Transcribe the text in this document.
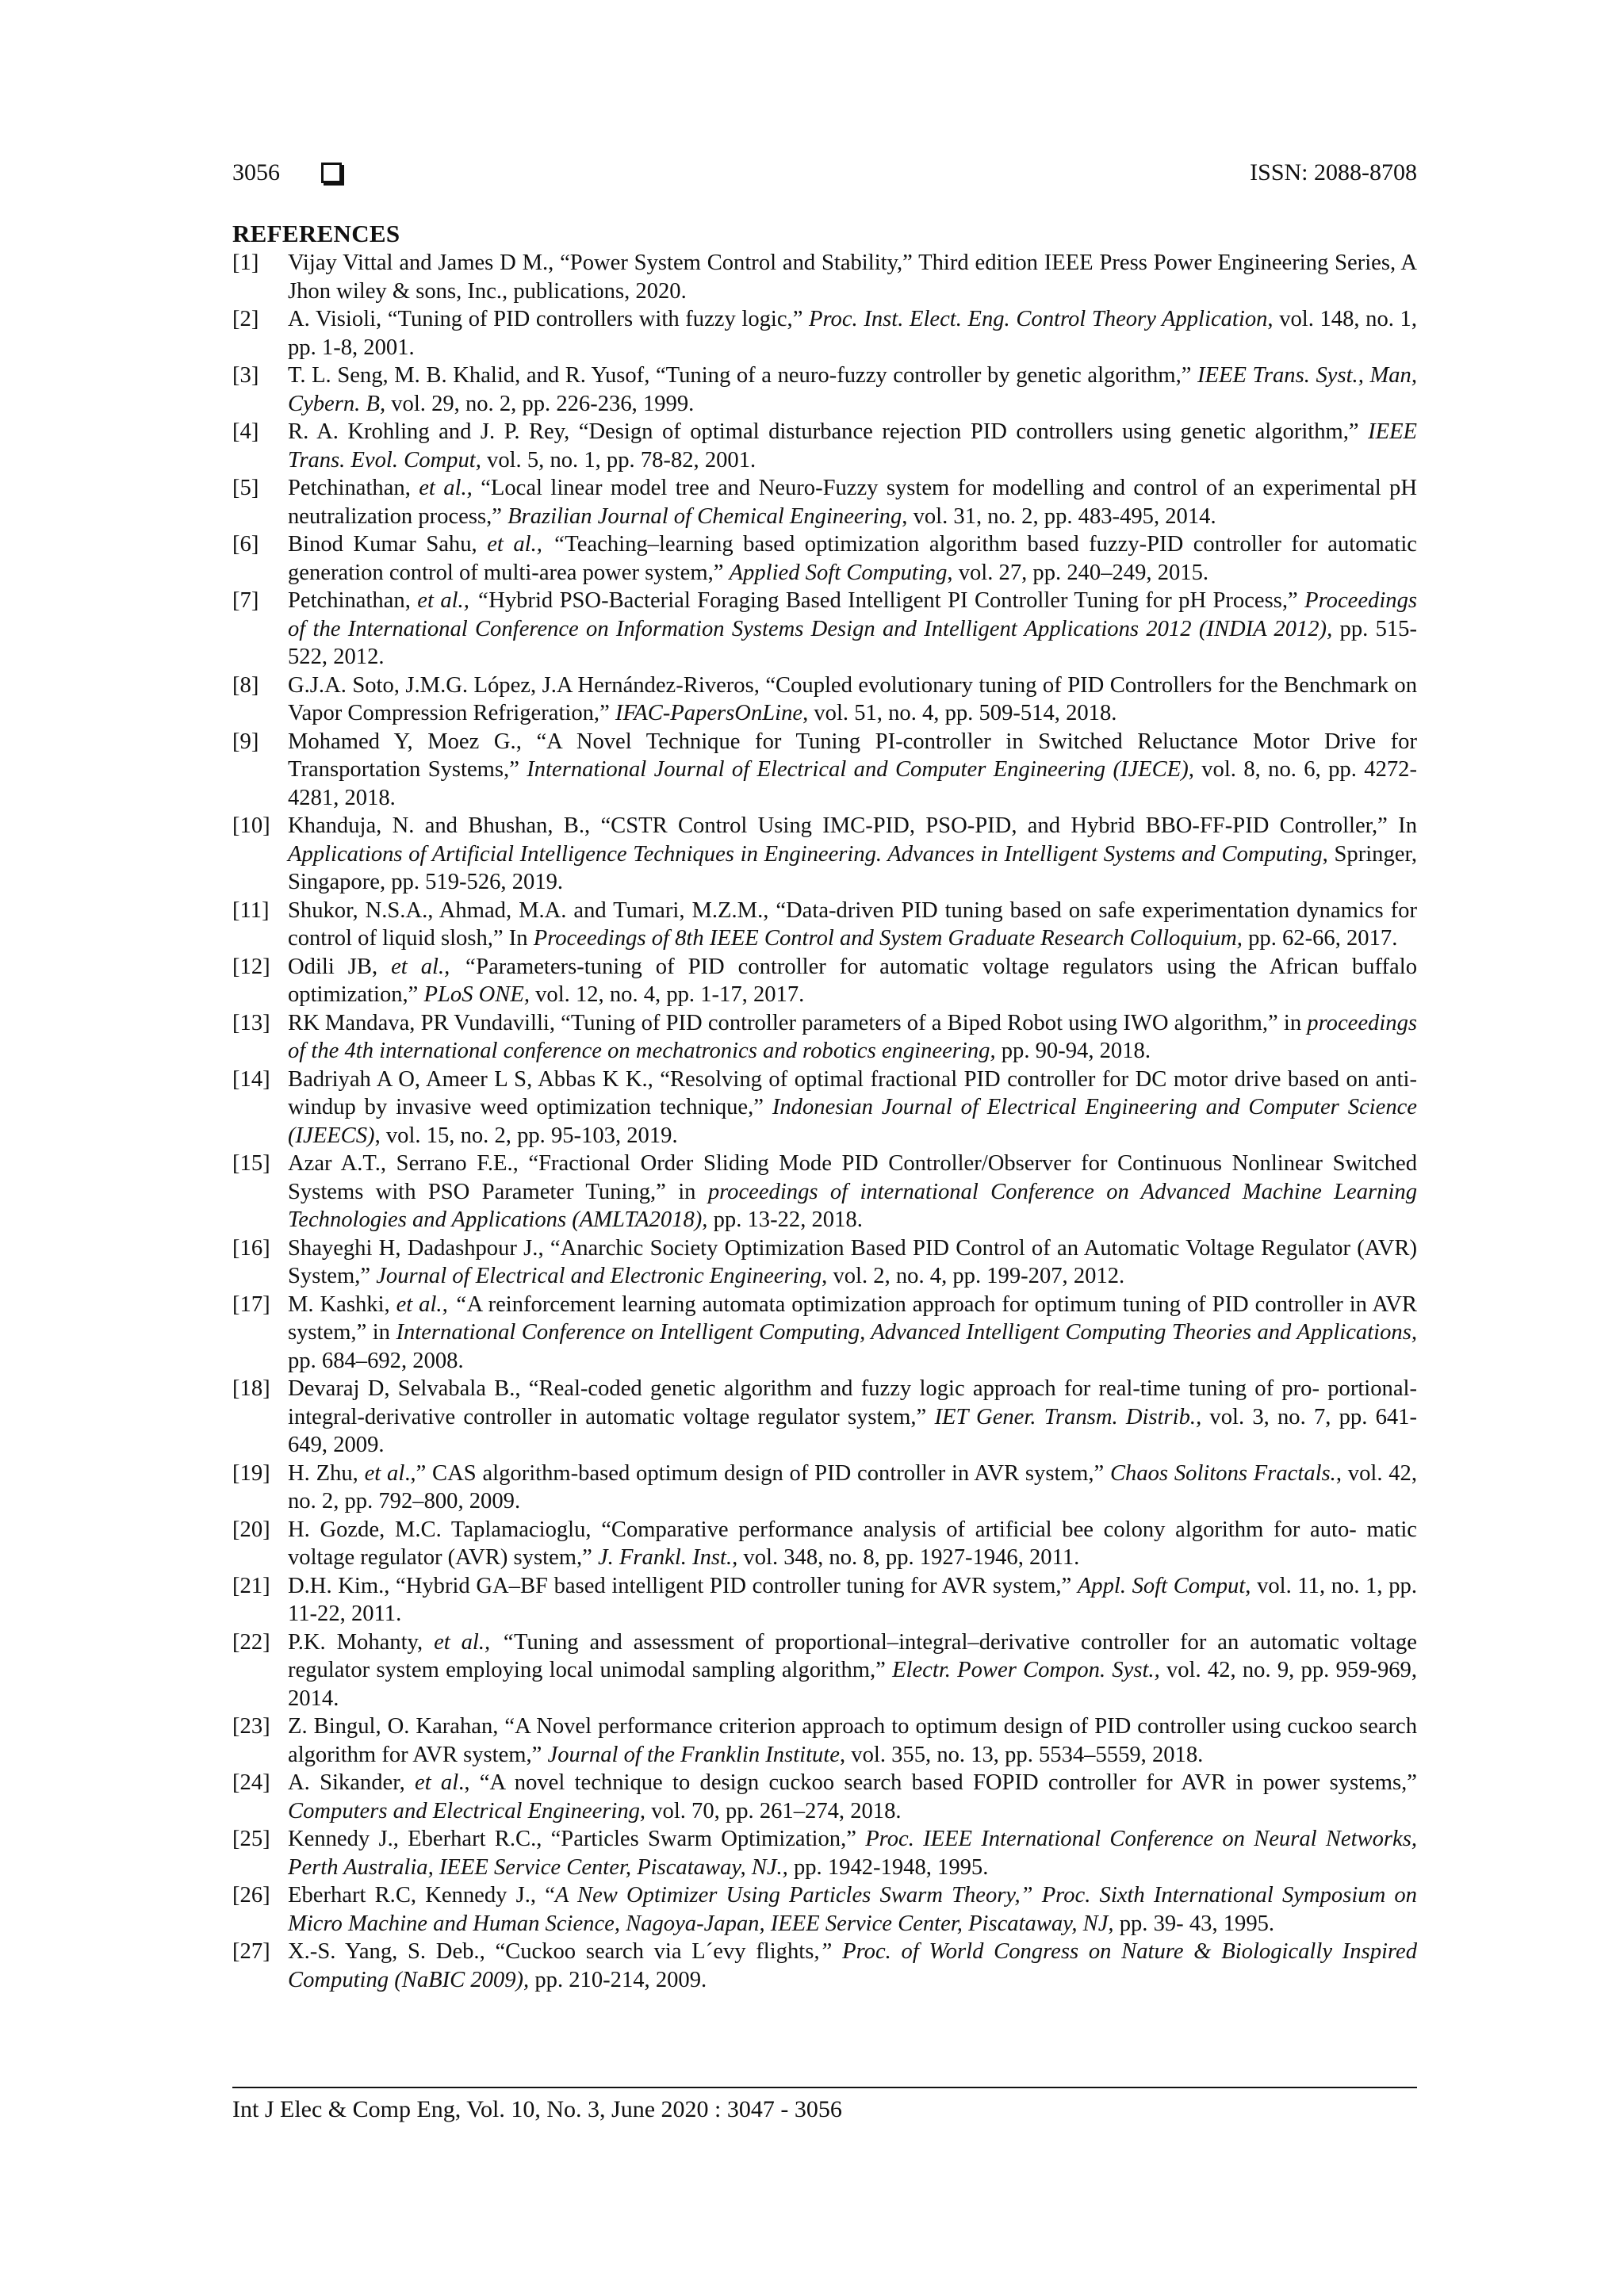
3056	ISSN: 2088-8708
REFERENCES
[1] Vijay Vittal and James D M., “Power System Control and Stability,” Third edition IEEE Press Power Engineering Series, A Jhon wiley & sons, Inc., publications, 2020.
[2] A. Visioli, “Tuning of PID controllers with fuzzy logic,” Proc. Inst. Elect. Eng. Control Theory Application, vol. 148, no. 1, pp. 1-8, 2001.
[3] T. L. Seng, M. B. Khalid, and R. Yusof, “Tuning of a neuro-fuzzy controller by genetic algorithm,” IEEE Trans. Syst., Man, Cybern. B, vol. 29, no. 2, pp. 226-236, 1999.
[4] R. A. Krohling and J. P. Rey, “Design of optimal disturbance rejection PID controllers using genetic algorithm,” IEEE Trans. Evol. Comput, vol. 5, no. 1, pp. 78-82, 2001.
[5] Petchinathan, et al., “Local linear model tree and Neuro-Fuzzy system for modelling and control of an experimental pH neutralization process,” Brazilian Journal of Chemical Engineering, vol. 31, no. 2, pp. 483-495, 2014.
[6] Binod Kumar Sahu, et al., “Teaching–learning based optimization algorithm based fuzzy-PID controller for automatic generation control of multi-area power system,” Applied Soft Computing, vol. 27, pp. 240–249, 2015.
[7] Petchinathan, et al., “Hybrid PSO-Bacterial Foraging Based Intelligent PI Controller Tuning for pH Process,” Proceedings of the International Conference on Information Systems Design and Intelligent Applications 2012 (INDIA 2012), pp. 515-522, 2012.
[8] G.J.A. Soto, J.M.G. López, J.A Hernández-Riveros, “Coupled evolutionary tuning of PID Controllers for the Benchmark on Vapor Compression Refrigeration,” IFAC-PapersOnLine, vol. 51, no. 4, pp. 509-514, 2018.
[9] Mohamed Y, Moez G., “A Novel Technique for Tuning PI-controller in Switched Reluctance Motor Drive for Transportation Systems,” International Journal of Electrical and Computer Engineering (IJECE), vol. 8, no. 6, pp. 4272-4281, 2018.
[10] Khanduja, N. and Bhushan, B., “CSTR Control Using IMC-PID, PSO-PID, and Hybrid BBO-FF-PID Controller,” In Applications of Artificial Intelligence Techniques in Engineering. Advances in Intelligent Systems and Computing, Springer, Singapore, pp. 519-526, 2019.
[11] Shukor, N.S.A., Ahmad, M.A. and Tumari, M.Z.M., “Data-driven PID tuning based on safe experimentation dynamics for control of liquid slosh,” In Proceedings of 8th IEEE Control and System Graduate Research Colloquium, pp. 62-66, 2017.
[12] Odili JB, et al., “Parameters-tuning of PID controller for automatic voltage regulators using the African buffalo optimization,” PLoS ONE, vol. 12, no. 4, pp. 1-17, 2017.
[13] RK Mandava, PR Vundavilli, “Tuning of PID controller parameters of a Biped Robot using IWO algorithm,” in proceedings of the 4th international conference on mechatronics and robotics engineering, pp. 90-94, 2018.
[14] Badriyah A O, Ameer L S, Abbas K K., “Resolving of optimal fractional PID controller for DC motor drive based on anti-windup by invasive weed optimization technique,” Indonesian Journal of Electrical Engineering and Computer Science (IJEECS), vol. 15, no. 2, pp. 95-103, 2019.
[15] Azar A.T., Serrano F.E., “Fractional Order Sliding Mode PID Controller/Observer for Continuous Nonlinear Switched Systems with PSO Parameter Tuning,” in proceedings of international Conference on Advanced Machine Learning Technologies and Applications (AMLTA2018), pp. 13-22, 2018.
[16] Shayeghi H, Dadashpour J., “Anarchic Society Optimization Based PID Control of an Automatic Voltage Regulator (AVR) System,” Journal of Electrical and Electronic Engineering, vol. 2, no. 4, pp. 199-207, 2012.
[17] M. Kashki, et al., “A reinforcement learning automata optimization approach for optimum tuning of PID controller in AVR system,” in International Conference on Intelligent Computing, Advanced Intelligent Computing Theories and Applications, pp. 684–692, 2008.
[18] Devaraj D, Selvabala B., “Real-coded genetic algorithm and fuzzy logic approach for real-time tuning of pro- portional-integral-derivative controller in automatic voltage regulator system,” IET Gener. Transm. Distrib., vol. 3, no. 7, pp. 641-649, 2009.
[19] H. Zhu, et al.,” CAS algorithm-based optimum design of PID controller in AVR system,” Chaos Solitons Fractals., vol. 42, no. 2, pp. 792–800, 2009.
[20] H. Gozde, M.C. Taplamacioglu, “Comparative performance analysis of artificial bee colony algorithm for auto- matic voltage regulator (AVR) system,” J. Frankl. Inst., vol. 348, no. 8, pp. 1927-1946, 2011.
[21] D.H. Kim., “Hybrid GA–BF based intelligent PID controller tuning for AVR system,” Appl. Soft Comput, vol. 11, no. 1, pp. 11-22, 2011.
[22] P.K. Mohanty, et al., “Tuning and assessment of proportional–integral–derivative controller for an automatic voltage regulator system employing local unimodal sampling algorithm,” Electr. Power Compon. Syst., vol. 42, no. 9, pp. 959-969, 2014.
[23] Z. Bingul, O. Karahan, “A Novel performance criterion approach to optimum design of PID controller using cuckoo search algorithm for AVR system,” Journal of the Franklin Institute, vol. 355, no. 13, pp. 5534–5559, 2018.
[24] A. Sikander, et al., “A novel technique to design cuckoo search based FOPID controller for AVR in power systems,” Computers and Electrical Engineering, vol. 70, pp. 261–274, 2018.
[25] Kennedy J., Eberhart R.C., “Particles Swarm Optimization,” Proc. IEEE International Conference on Neural Networks, Perth Australia, IEEE Service Center, Piscataway, NJ., pp. 1942-1948, 1995.
[26] Eberhart R.C, Kennedy J., “A New Optimizer Using Particles Swarm Theory,” Proc. Sixth International Symposium on Micro Machine and Human Science, Nagoya-Japan, IEEE Service Center, Piscataway, NJ, pp. 39- 43, 1995.
[27] X.-S. Yang, S. Deb., “Cuckoo search via L´evy flights,” Proc. of World Congress on Nature & Biologically Inspired Computing (NaBIC 2009), pp. 210-214, 2009.
Int J Elec & Comp Eng, Vol. 10, No. 3, June 2020 : 3047 - 3056
